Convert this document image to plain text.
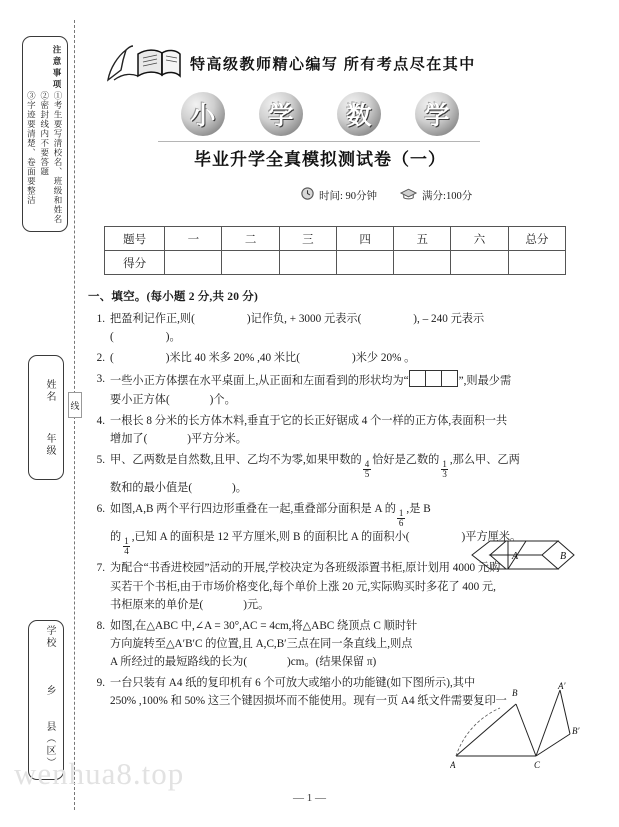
注意事项
①考生要写清校名、班级和姓名
②密封线内不要答题
③字迹要清楚、卷面要整洁
年级
姓名
县（区）
乡
学校
线
特高级教师精心编写 所有考点尽在其中
小	学	数	学
毕业升学全真模拟测试卷（一）
时间: 90分钟	满分:100分
题号	一	二	三	四	五	六	总分
得分							
一、填空。(每小题 2 分,共 20 分)
1. 把盈利记作正,则(	)记作负, + 3000 元表示(	), – 240 元表示
(	)。
2. (	)米比 40 米多 20% ,40 米比(	)米少 20% 。
3. 一些小正方体摆在水平桌面上,从正面和左面看到的形状均为“	”,则最少需
要小正方体(	)个。
4. 一根长 8 分米的长方体木料,垂直于它的长正好锯成 4 个一样的正方体,表面积一共
增加了(	)平方分米。
5. 甲、乙两数是自然数,且甲、乙均不为零,如果甲数的 $\frac{4}{5}$ 恰好是乙数的 $\frac{1}{3}$ ,那么甲、乙两
数和的最小值是(	)。
6. 如图,A,B 两个平行四边形重叠在一起,重叠部分面积是 A 的 $\frac{1}{6}$ ,是 B
的 $\frac{1}{4}$ ,已知 A 的面积是 12 平方厘米,则 B 的面积比 A 的面积小(	)平方厘米。
7. 为配合“书香进校园”活动的开展,学校决定为各班级添置书柜,原计划用 4000 元购
买若干个书柜,由于市场价格变化,每个单价上涨 20 元,实际购买时多花了 400 元,
书柜原来的单价是(	)元。
8. 如图,在△ABC 中,∠A = 30°,AC = 4cm,将△ABC 绕顶点 C 顺时针
方向旋转至△A′B′C 的位置,且 A,C,B′三点在同一条直线上,则点
A 所经过的最短路线的长为(	)cm。(结果保留 π)
9. 一台只装有 A4 纸的复印机有 6 个可放大或缩小的功能键(如下图所示),其中
250% ,100% 和 50% 这三个键因损坏而不能使用。现有一页 A4 纸文件需要复印一
A	B
A
B
C
A′
B′
wenhua8.top
— 1 —
